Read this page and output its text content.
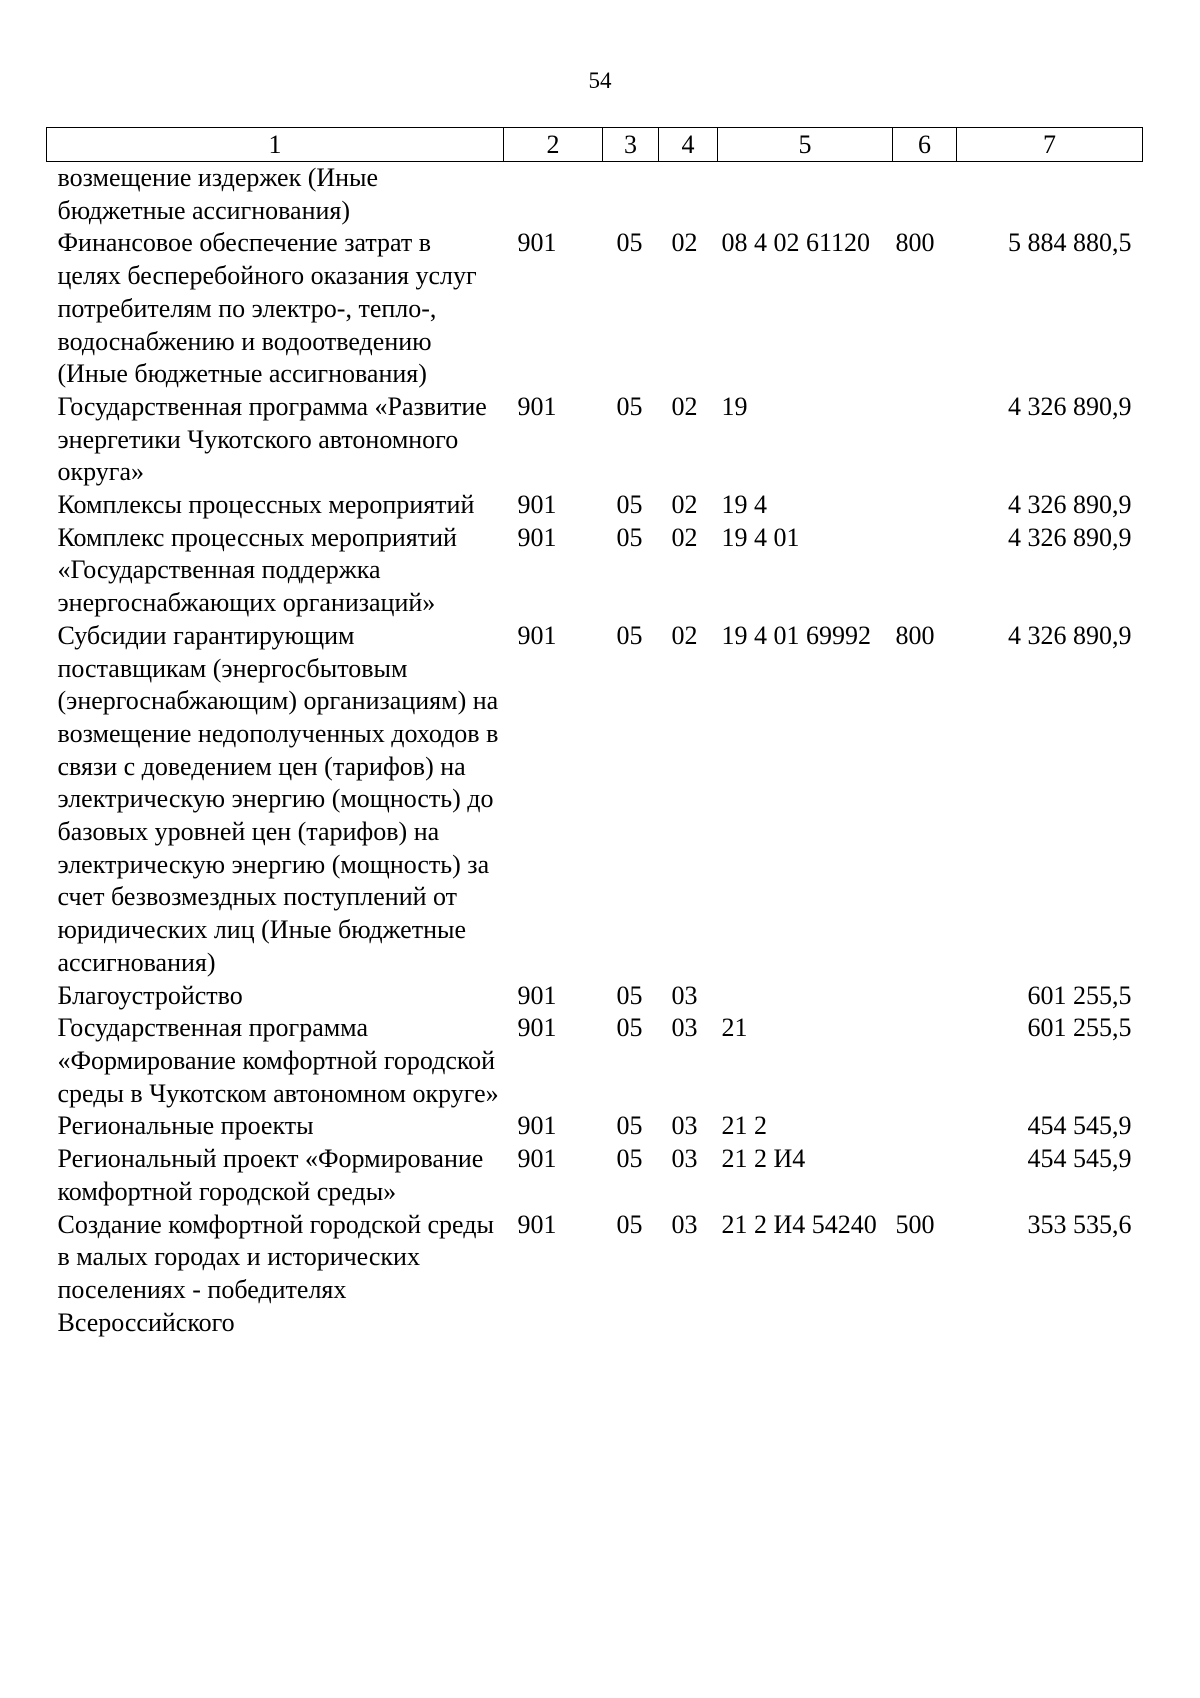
54
1	2	3	4	5	6	7
возмещение издержек (Иные бюджетные ассигнования)						
Финансовое обеспечение затрат в целях бесперебойного оказания услуг потребителям по электро-, тепло-, водоснабжению и водоотведению (Иные бюджетные ассигнования)	901	05	02	08 4 02 61120	800	5 884 880,5
Государственная программа «Развитие энергетики Чукотского автономного округа»	901	05	02	19		4 326 890,9
Комплексы процессных мероприятий	901	05	02	19 4		4 326 890,9
Комплекс процессных мероприятий «Государственная поддержка энергоснабжающих организаций»	901	05	02	19 4 01		4 326 890,9
Субсидии гарантирующим поставщикам (энергосбытовым (энергоснабжающим) организациям) на возмещение недополученных доходов в связи с доведением цен (тарифов) на электрическую энергию (мощность) до базовых уровней цен (тарифов) на электрическую энергию (мощность) за счет безвозмездных поступлений от юридических лиц (Иные бюджетные ассигнования)	901	05	02	19 4 01 69992	800	4 326 890,9
Благоустройство	901	05	03			601 255,5
Государственная программа «Формирование комфортной городской среды в Чукотском автономном округе»	901	05	03	21		601 255,5
Региональные проекты	901	05	03	21 2		454 545,9
Региональный проект «Формирование комфортной городской среды»	901	05	03	21 2 И4		454 545,9
Создание комфортной городской среды в малых городах и исторических поселениях - победителях Всероссийского	901	05	03	21 2 И4 54240	500	353 535,6
